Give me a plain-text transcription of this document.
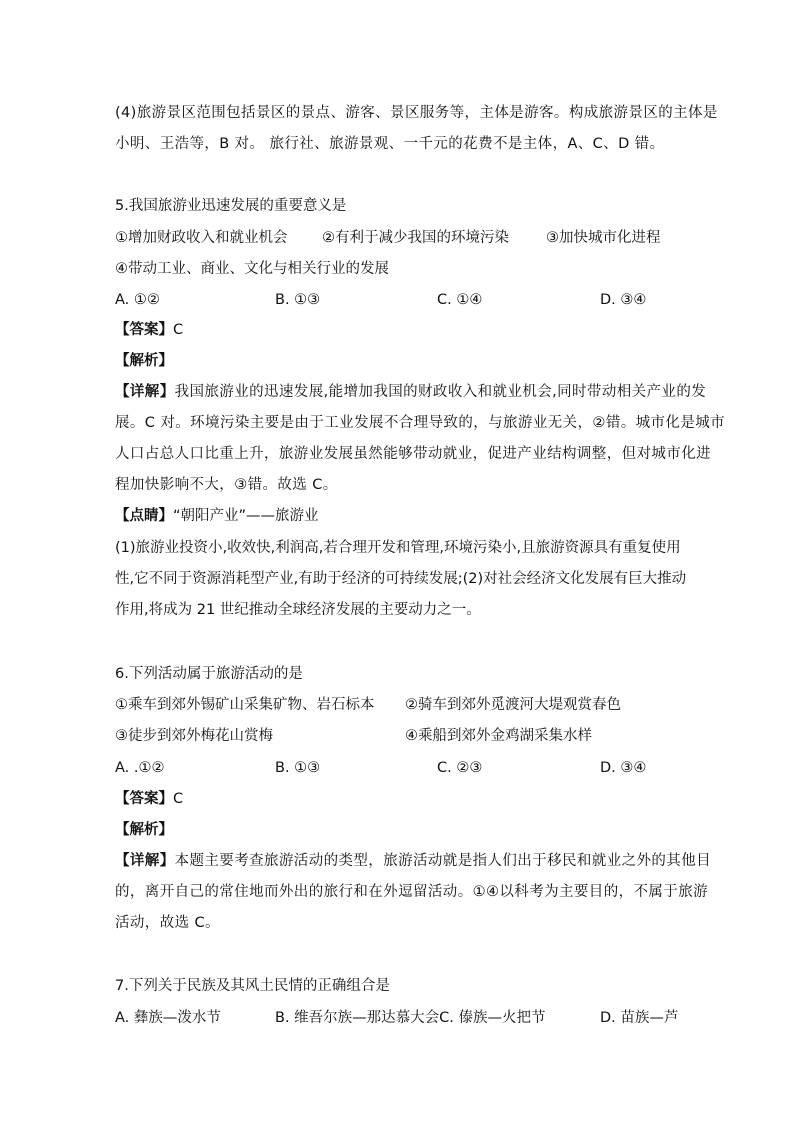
(4)旅游景区范围包括景区的景点、游客、景区服务等，主体是游客。构成旅游景区的主体是
小明、王浩等，B 对。 旅行社、旅游景观、一千元的花费不是主体，A、C、D 错。
5.我国旅游业迅速发展的重要意义是
①增加财政收入和就业机会 ②有利于减少我国的环境污染	③加快城市化进程
④带动工业、商业、文化与相关行业的发展
A. ①②	B. ①③	C. ①④	D. ③④
【答案】C
【解析】
【详解】我国旅游业的迅速发展,能增加我国的财政收入和就业机会,同时带动相关产业的发
展。C 对。环境污染主要是由于工业发展不合理导致的，与旅游业无关，②错。城市化是城市
人口占总人口比重上升，旅游业发展虽然能够带动就业，促进产业结构调整，但对城市化进
程加快影响不大，③错。故选 C。
【点睛】“朝阳产业”——旅游业
(1)旅游业投资小,收效快,利润高,若合理开发和管理,环境污染小,且旅游资源具有重复使用
性,它不同于资源消耗型产业,有助于经济的可持续发展;(2)对社会经济文化发展有巨大推动
作用,将成为 21 世纪推动全球经济发展的主要动力之一。
6.下列活动属于旅游活动的是
①乘车到郊外锡矿山采集矿物、岩石标本 ②骑车到郊外觅渡河大堤观赏春色
③徒步到郊外梅花山赏梅	④乘船到郊外金鸡湖采集水样
A. .①②	B. ①③	C. ②③	D. ③④
【答案】C
【解析】
【详解】本题主要考查旅游活动的类型，旅游活动就是指人们出于移民和就业之外的其他目
的，离开自己的常住地而外出的旅行和在外逗留活动。①④以科考为主要目的，不属于旅游
活动，故选 C。
7.下列关于民族及其风土民情的正确组合是
A. 彝族—泼水节	B. 维吾尔族—那达慕大会C. 傣族—火把节	D. 苗族—芦
